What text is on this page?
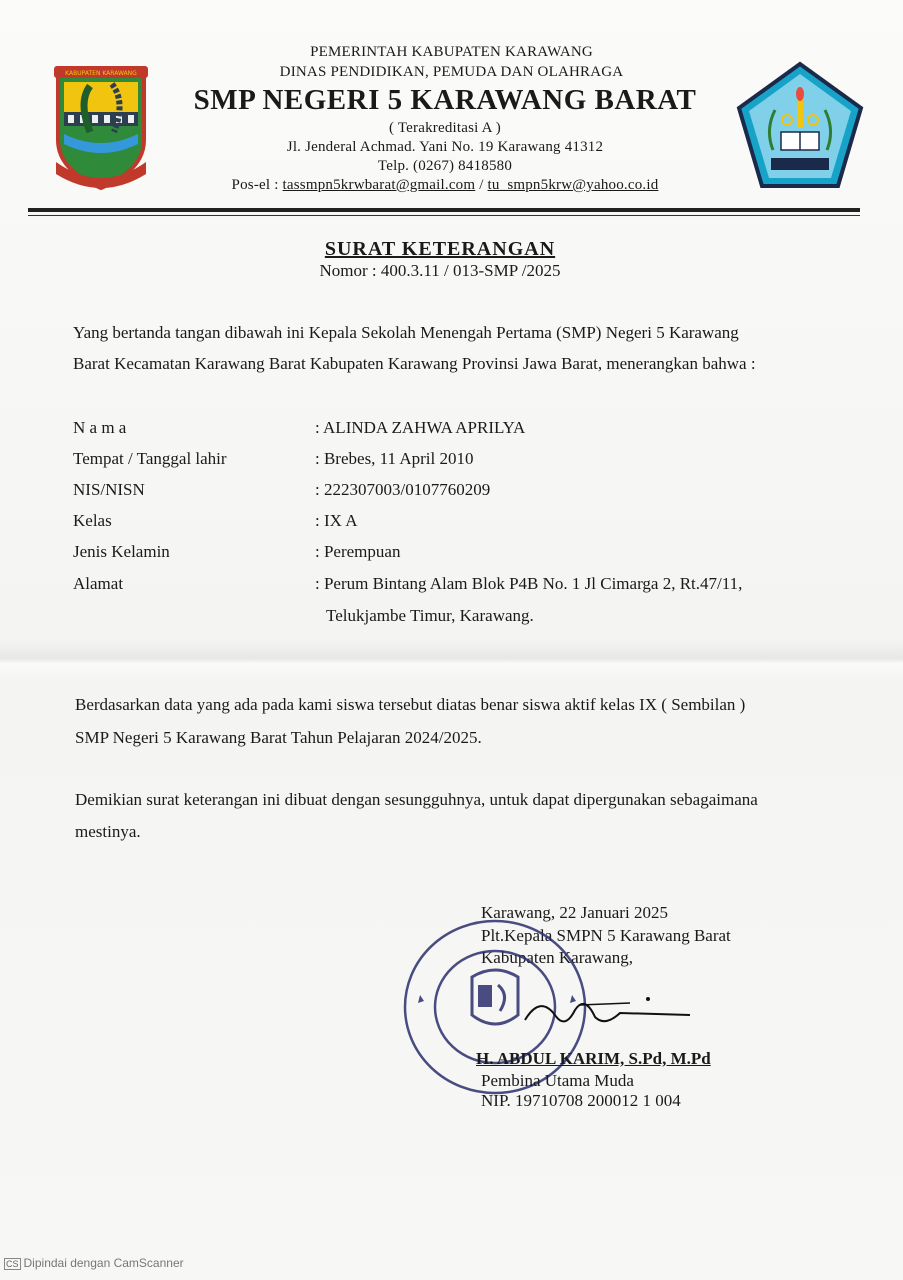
KABUPATEN KARAWANG
PEMERINTAH KABUPATEN KARAWANG
DINAS PENDIDIKAN, PEMUDA DAN OLAHRAGA
SMP NEGERI 5 KARAWANG BARAT
( Terakreditasi A )
Jl. Jenderal Achmad. Yani No. 19 Karawang 41312
Telp. (0267) 8418580
Pos-el : tassmpn5krwbarat@gmail.com / tu_smpn5krw@yahoo.co.id
SURAT KETERANGAN
Nomor : 400.3.11 / 013-SMP /2025
Yang bertanda tangan dibawah ini Kepala Sekolah Menengah Pertama (SMP) Negeri 5 Karawang
Barat Kecamatan Karawang Barat Kabupaten Karawang Provinsi Jawa Barat, menerangkan bahwa :
N a m a	: ALINDA ZAHWA APRILYA
Tempat / Tanggal lahir	: Brebes, 11 April 2010
NIS/NISN	: 222307003/0107760209
Kelas	: IX A
Jenis Kelamin	: Perempuan
Alamat	: Perum Bintang Alam Blok P4B No. 1 Jl Cimarga 2, Rt.47/11,
Telukjambe Timur, Karawang.
Berdasarkan data yang ada pada kami siswa tersebut diatas benar siswa aktif kelas IX ( Sembilan )
SMP Negeri 5 Karawang Barat Tahun Pelajaran 2024/2025.
Demikian surat keterangan ini dibuat dengan sesungguhnya, untuk dapat dipergunakan sebagaimana
mestinya.
Karawang, 22 Januari 2025
Plt.Kepala SMPN 5 Karawang Barat
Kabupaten Karawang,
H. ABDUL KARIM, S.Pd, M.Pd
Pembina Utama Muda
NIP. 19710708 200012 1 004
CS Dipindai dengan CamScanner
